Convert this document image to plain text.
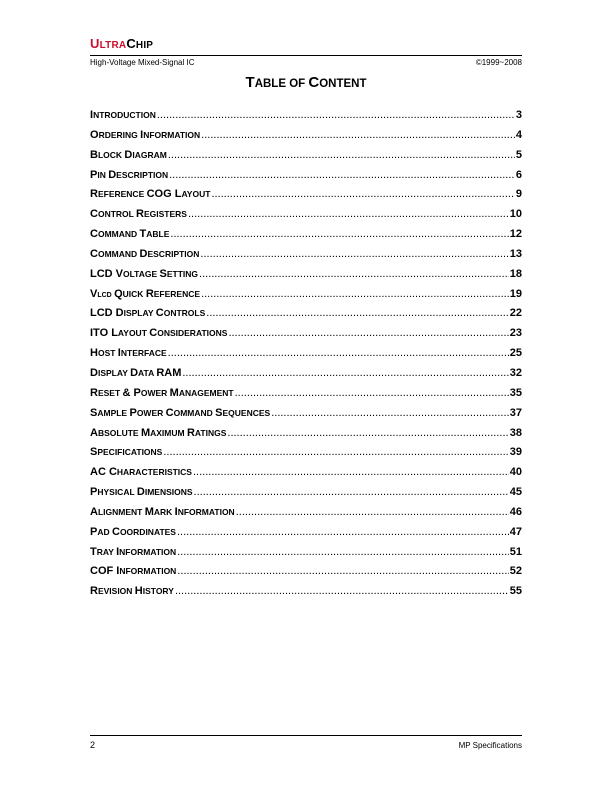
ULTRACHIP
High-Voltage Mixed-Signal IC	©1999~2008
TABLE OF CONTENT
INTRODUCTION .....	3
ORDERING INFORMATION .....	4
BLOCK DIAGRAM .....	5
PIN DESCRIPTION .....	6
REFERENCE COG LAYOUT .....	9
CONTROL REGISTERS .....	10
COMMAND TABLE .....	12
COMMAND DESCRIPTION .....	13
LCD VOLTAGE SETTING .....	18
VLCD QUICK REFERENCE .....	19
LCD DISPLAY CONTROLS .....	22
ITO LAYOUT CONSIDERATIONS .....	23
HOST INTERFACE .....	25
DISPLAY DATA RAM .....	32
RESET & POWER MANAGEMENT .....	35
SAMPLE POWER COMMAND SEQUENCES .....	37
ABSOLUTE MAXIMUM RATINGS .....	38
SPECIFICATIONS .....	39
AC CHARACTERISTICS .....	40
PHYSICAL DIMENSIONS .....	45
ALIGNMENT MARK INFORMATION .....	46
PAD COORDINATES .....	47
TRAY INFORMATION .....	51
COF INFORMATION .....	52
REVISION HISTORY .....	55
2	MP Specifications
